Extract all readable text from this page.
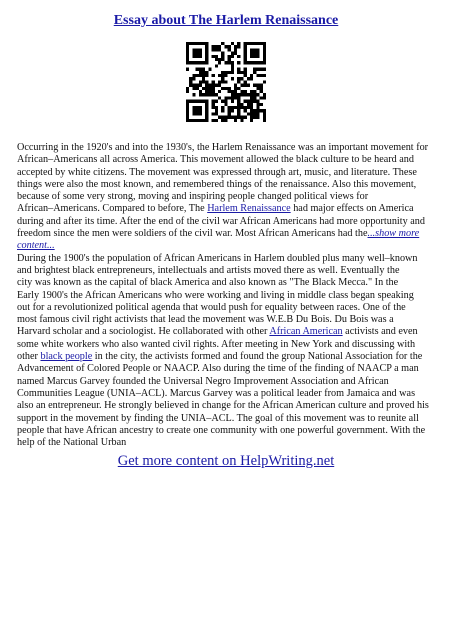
Essay about The Harlem Renaissance
Occurring in the 1920's and into the 1930's, the Harlem Renaissance was an important movement for
African–Americans all across America. This movement allowed the black culture to be heard and
accepted by white citizens. The movement was expressed through art, music, and literature. These
things were also the most known, and remembered things of the renaissance. Also this movement,
because of some very strong, moving and inspiring people changed political views for
African–Americans. Compared to before, The Harlem Renaissance had major effects on America
during and after its time. After the end of the civil war African Americans had more opportunity and
freedom since the men were soldiers of the civil war. Most African Americans had the...show more
content...
During the 1900's the population of African Americans in Harlem doubled plus many well–known
and brightest black entrepreneurs, intellectuals and artists moved there as well. Eventually the
city was known as the capital of black America and also known as "The Black Mecca." In the
Early 1900's the African Americans who were working and living in middle class began speaking
out for a revolutionized political agenda that would push for equality between races. One of the
most famous civil right activists that lead the movement was W.E.B Du Bois. Du Bois was a
Harvard scholar and a sociologist. He collaborated with other African American activists and even
some white workers who also wanted civil rights. After meeting in New York and discussing with
other black people in the city, the activists formed and found the group National Association for the
Advancement of Colored People or NAACP. Also during the time of the finding of NAACP a man
named Marcus Garvey founded the Universal Negro Improvement Association and African
Communities League (UNIA–ACL). Marcus Garvey was a political leader from Jamaica and was
also an entrepreneur. He strongly believed in change for the African American culture and proved his
support in the movement by finding the UNIA–ACL. The goal of this movement was to reunite all
people that have African ancestry to create one community with one powerful government. With the
help of the National Urban
Get more content on HelpWriting.net
